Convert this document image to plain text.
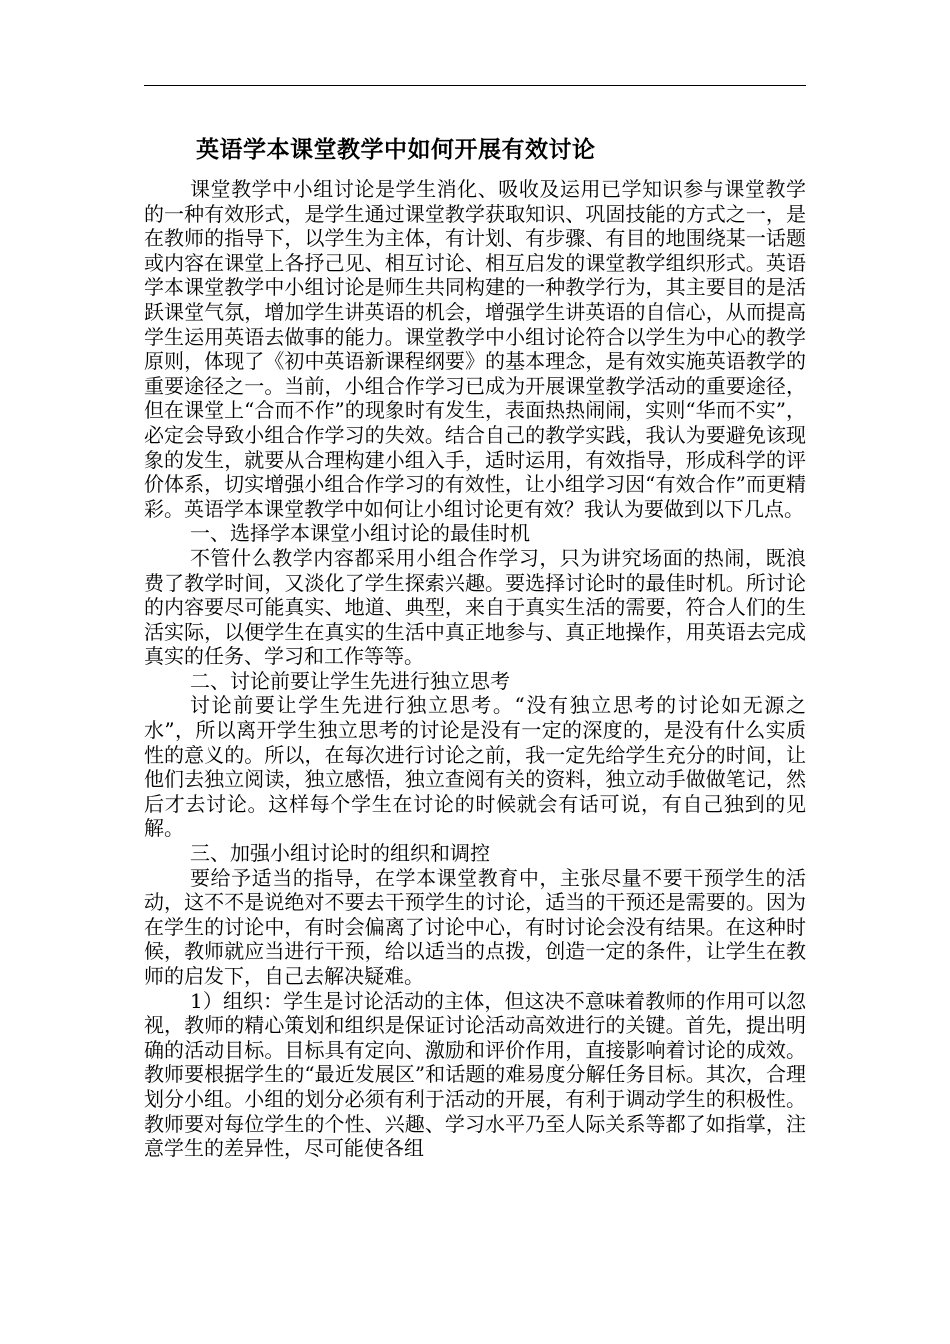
英语学本课堂教学中如何开展有效讨论

课堂教学中小组讨论是学生消化、吸收及运用已学知识参与课堂教学的一种有效形式，是学生通过课堂教学获取知识、巩固技能的方式之一，是在教师的指导下，以学生为主体，有计划、有步骤、有目的地围绕某一话题或内容在课堂上各抒己见、相互讨论、相互启发的课堂教学组织形式。英语学本课堂教学中小组讨论是师生共同构建的一种教学行为，其主要目的是活跃课堂气氛，增加学生讲英语的机会，增强学生讲英语的自信心，从而提高学生运用英语去做事的能力。课堂教学中小组讨论符合以学生为中心的教学原则，体现了《初中英语新课程纲要》的基本理念，是有效实施英语教学的重要途径之一。当前，小组合作学习已成为开展课堂教学活动的重要途径，但在课堂上“合而不作”的现象时有发生，表面热热闹闹，实则“华而不实”，必定会导致小组合作学习的失效。结合自己的教学实践，我认为要避免该现象的发生，就要从合理构建小组入手，适时运用，有效指导，形成科学的评价体系，切实增强小组合作学习的有效性，让小组学习因“有效合作”而更精彩。英语学本课堂教学中如何让小组讨论更有效？我认为要做到以下几点。

一、选择学本课堂小组讨论的最佳时机

不管什么教学内容都采用小组合作学习，只为讲究场面的热闹，既浪费了教学时间，又淡化了学生探索兴趣。要选择讨论时的最佳时机。所讨论的内容要尽可能真实、地道、典型，来自于真实生活的需要，符合人们的生活实际，以便学生在真实的生活中真正地参与、真正地操作，用英语去完成真实的任务、学习和工作等等。

二、讨论前要让学生先进行独立思考

讨论前要让学生先进行独立思考。“没有独立思考的讨论如无源之水”，所以离开学生独立思考的讨论是没有一定的深度的，是没有什么实质性的意义的。所以，在每次进行讨论之前，我一定先给学生充分的时间，让他们去独立阅读，独立感悟，独立查阅有关的资料，独立动手做做笔记，然后才去讨论。这样每个学生在讨论的时候就会有话可说，有自己独到的见解。

三、加强小组讨论时的组织和调控

要给予适当的指导，在学本课堂教育中，主张尽量不要干预学生的活动，这不不是说绝对不要去干预学生的讨论，适当的干预还是需要的。因为在学生的讨论中，有时会偏离了讨论中心，有时讨论会没有结果。在这种时候，教师就应当进行干预，给以适当的点拨，创造一定的条件，让学生在教师的启发下，自己去解决疑难。

1）组织：学生是讨论活动的主体，但这决不意味着教师的作用可以忽视，教师的精心策划和组织是保证讨论活动高效进行的关键。首先，提出明确的活动目标。目标具有定向、激励和评价作用，直接影响着讨论的成效。教师要根据学生的“最近发展区”和话题的难易度分解任务目标。其次，合理划分小组。小组的划分必须有利于活动的开展，有利于调动学生的积极性。教师要对每位学生的个性、兴趣、学习水平乃至人际关系等都了如指掌，注意学生的差异性，尽可能使各组
